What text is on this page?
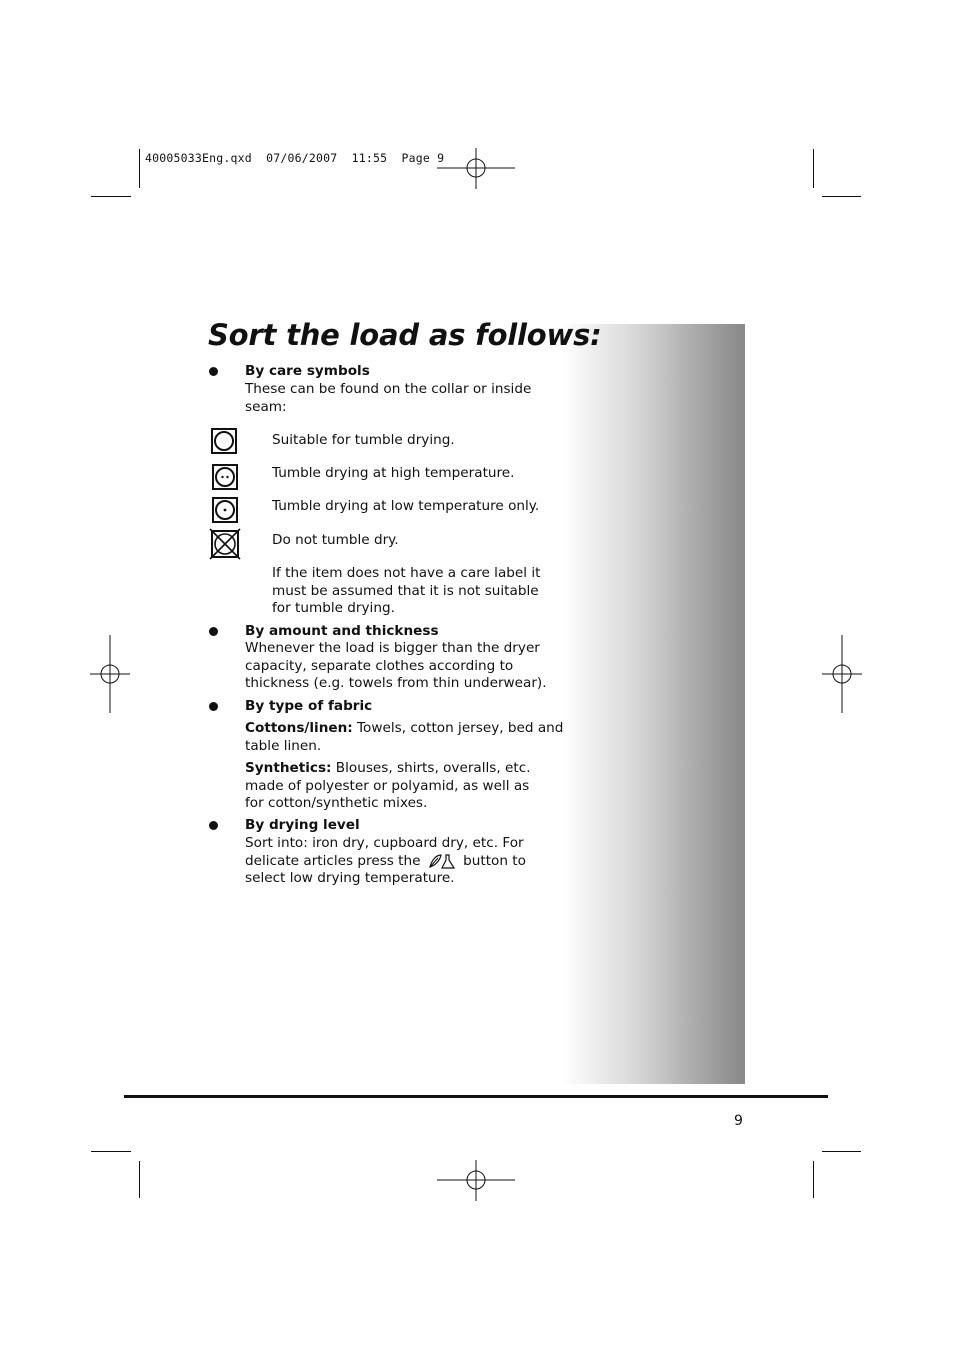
40005033Eng.qxd 07/06/2007 11:55 Page 9
Sort the load as follows:
By care symbols
These can be found on the collar or inside
seam:
Suitable for tumble drying.
Tumble drying at high temperature.
Tumble drying at low temperature only.
Do not tumble dry.
If the item does not have a care label it
must be assumed that it is not suitable
for tumble drying.
By amount and thickness
Whenever the load is bigger than the dryer
capacity, separate clothes according to
thickness (e.g. towels from thin underwear).
By type of fabric
Cottons/linen: Towels, cotton jersey, bed and
table linen.
Synthetics: Blouses, shirts, overalls, etc.
made of polyester or polyamid, as well as
for cotton/synthetic mixes.
By drying level
Sort into: iron dry, cupboard dry, etc. For
delicate articles press the	button to
select low drying temperature.
9
